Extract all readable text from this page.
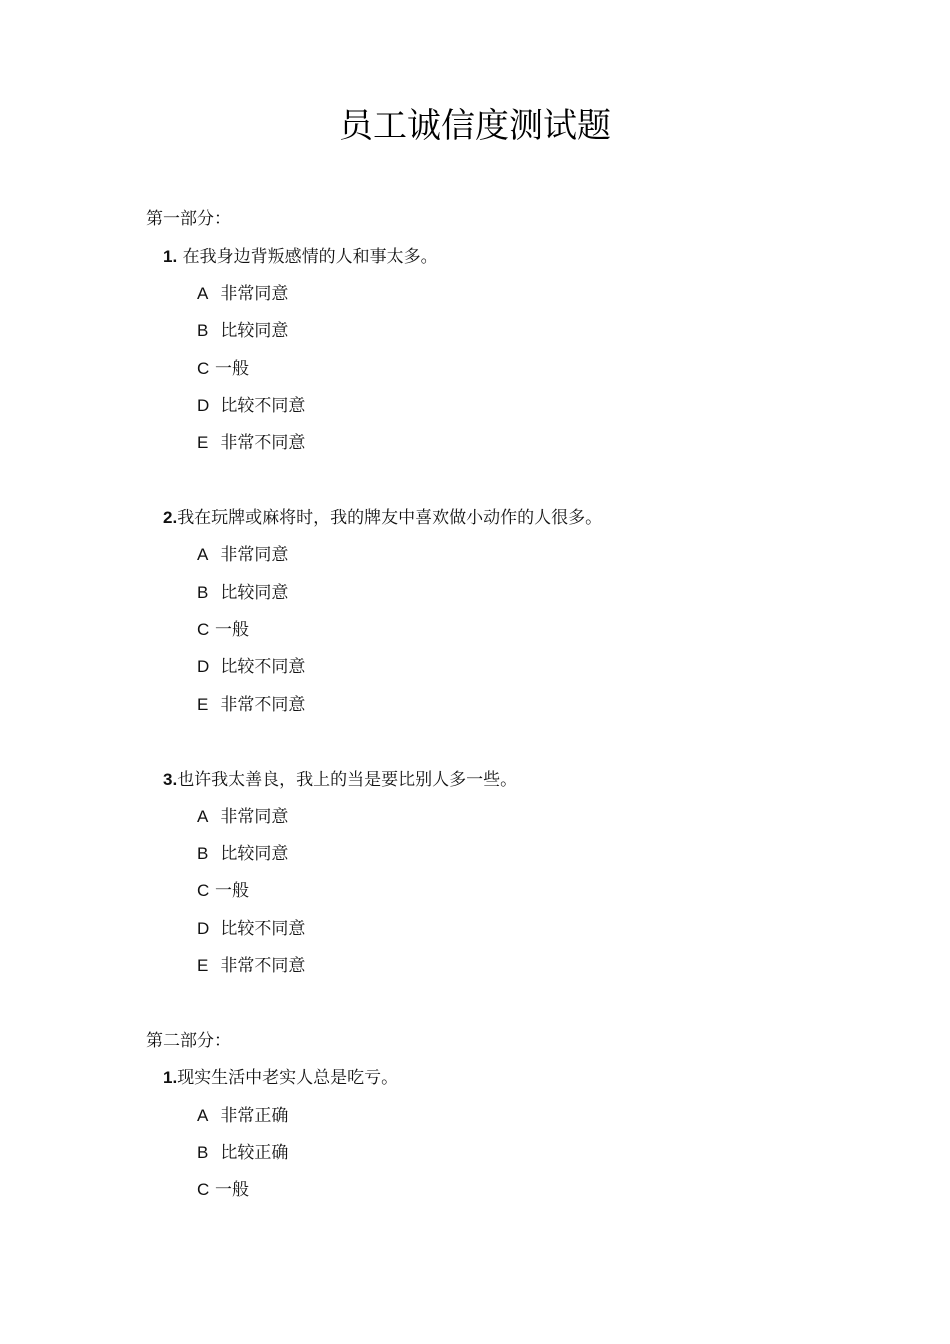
员工诚信度测试题
第一部分：
1. 在我身边背叛感情的人和事太多。
A 非常同意
B 比较同意
C 一般
D 比较不同意
E 非常不同意
2.我在玩牌或麻将时，我的牌友中喜欢做小动作的人很多。
A 非常同意
B 比较同意
C 一般
D 比较不同意
E 非常不同意
3.也许我太善良，我上的当是要比别人多一些。
A 非常同意
B 比较同意
C 一般
D 比较不同意
E 非常不同意
第二部分：
1.现实生活中老实人总是吃亏。
A 非常正确
B 比较正确
C 一般
